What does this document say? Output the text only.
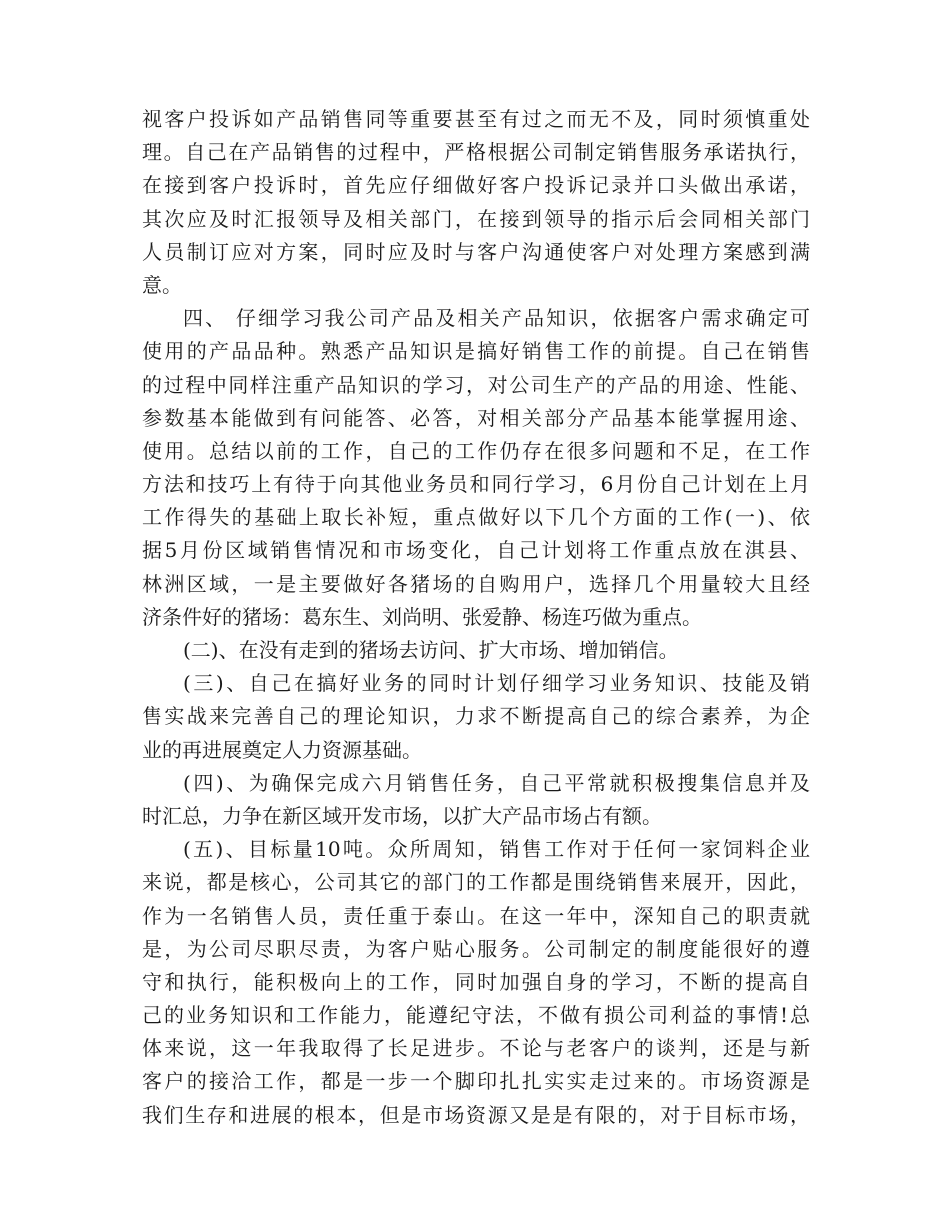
视客户投诉如产品销售同等重要甚至有过之而无不及，同时须慎重处
理。自己在产品销售的过程中，严格根据公司制定销售服务承诺执行，
在接到客户投诉时，首先应仔细做好客户投诉记录并口头做出承诺，
其次应及时汇报领导及相关部门，在接到领导的指示后会同相关部门
人员制订应对方案，同时应及时与客户沟通使客户对处理方案感到满
意。
四、 仔细学习我公司产品及相关产品知识，依据客户需求确定可
使用的产品品种。熟悉产品知识是搞好销售工作的前提。自己在销售
的过程中同样注重产品知识的学习，对公司生产的产品的用途、性能、
参数基本能做到有问能答、必答，对相关部分产品基本能掌握用途、
使用。总结以前的工作，自己的工作仍存在很多问题和不足，在工作
方法和技巧上有待于向其他业务员和同行学习，6月份自己计划在上月
工作得失的基础上取长补短，重点做好以下几个方面的工作(一)、依
据5月份区域销售情况和市场变化，自己计划将工作重点放在淇县、
林洲区域，一是主要做好各猪场的自购用户，选择几个用量较大且经
济条件好的猪场：葛东生、刘尚明、张爱静、杨连巧做为重点。
(二)、在没有走到的猪场去访问、扩大市场、增加销信。
(三)、自己在搞好业务的同时计划仔细学习业务知识、技能及销
售实战来完善自己的理论知识，力求不断提高自己的综合素养，为企
业的再进展奠定人力资源基础。
(四)、为确保完成六月销售任务，自己平常就积极搜集信息并及
时汇总，力争在新区域开发市场，以扩大产品市场占有额。
(五)、目标量10吨。众所周知，销售工作对于任何一家饲料企业
来说，都是核心，公司其它的部门的工作都是围绕销售来展开，因此，
作为一名销售人员，责任重于泰山。在这一年中，深知自己的职责就
是，为公司尽职尽责，为客户贴心服务。公司制定的制度能很好的遵
守和执行，能积极向上的工作，同时加强自身的学习，不断的提高自
己的业务知识和工作能力，能遵纪守法，不做有损公司利益的事情!总
体来说，这一年我取得了长足进步。不论与老客户的谈判，还是与新
客户的接洽工作，都是一步一个脚印扎扎实实走过来的。市场资源是
我们生存和进展的根本，但是市场资源又是是有限的，对于目标市场，
